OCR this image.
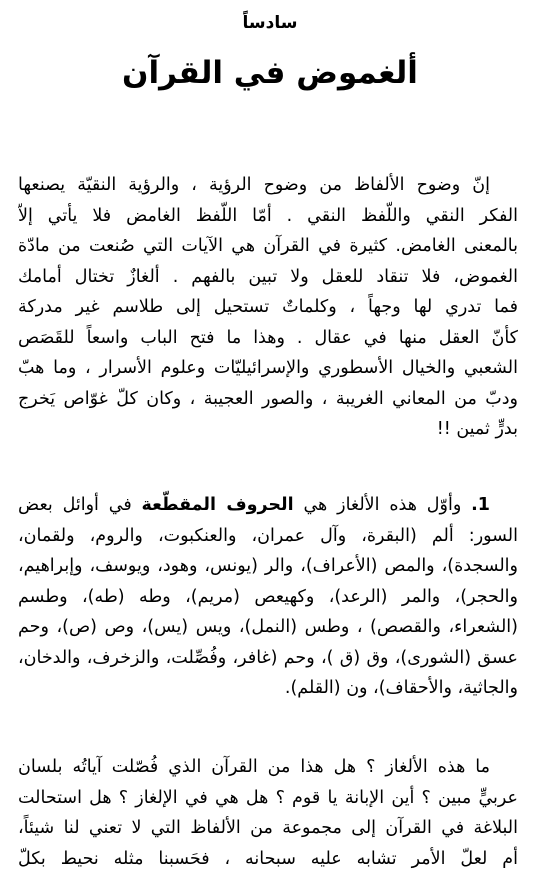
سادساً

ألغموض في القرآن
إنّ وضوح الألفاظ من وضوح الرؤية ، والرؤية النقيّة يصنعها
الفكر النقي واللّفظ النقي . أمّا اللّفظ الغامض فلا يأتي إلاّ
بالمعنى الغامض. كثيرة في القرآن هي الآيات التي صُنعت من مادّة
الغموض، فلا تنقاد للعقل ولا تبين بالفهم . ألغازٌ تختال أمامك
فما تدري لها وجهاً ، وكلماتٌ تستحيل إلى طلاسم غير مدركة
كأنّ العقل منها في عقال . وهذا ما فتح الباب واسعاً للقَصَص
الشعبي والخيال الأسطوري والإسرائيليّات وعلوم الأسرار ، وما هبّ
ودبّ من المعاني الغريبة ، والصور العجيبة ، وكان كلّ غوّاص يَخرج
بدرٍّ ثمين !!
1. وأوّل هذه الألغاز هي الحروف المقطّعة في أوائل بعض
السور: ألم (البقرة، وآل عمران، والعنكبوت، والروم، ولقمان،
والسجدة)، والمص (الأعراف)، والر (يونس، وهود، ويوسف، وإبراهيم،
والحجر)، والمر (الرعد)، وكهيعص (مريم)، وطه (طه)، وطسم
(الشعراء، والقصص) ، وطس (النمل)، ويس (يس)، وص (ص)، وحم
عسق (الشورى)، وق (ق )، وحم (غافر، وفُصِّلت، والزخرف، والدخان،
والجاثية، والأحقاف)، ون (القلم).
ما هذه الألغاز ؟ هل هذا من القرآن الذي فُصّلت آياتُه بلسان
عربيٍّ مبين ؟ أين الإبانة يا قوم ؟ هل هي في الإلغاز ؟ هل استحالت
البلاغة في القرآن إلى مجموعة من الألفاظ التي لا تعني لنا شيئاً،
أم لعلّ الأمر تشابه عليه سبحانه ، فحَسبنا مثله نحيط بكلّ
